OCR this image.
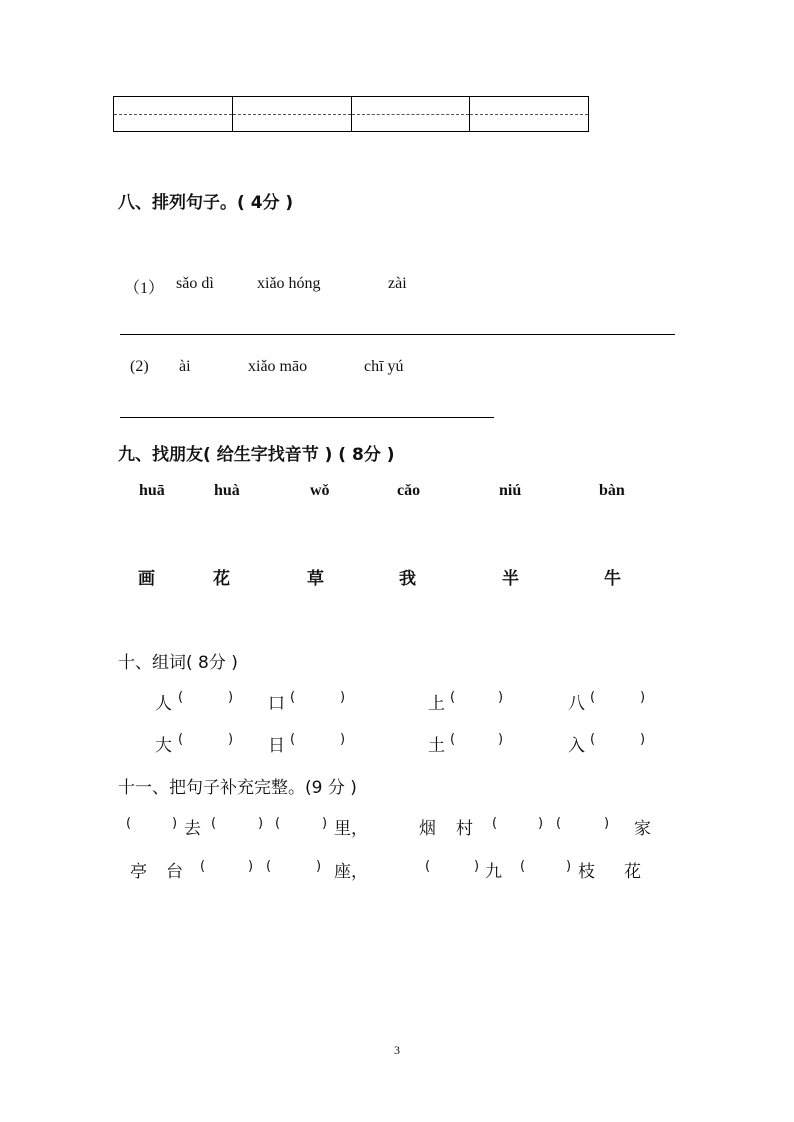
八、排列句子。( 4分 )
（1） sǎo dì	xiǎo hóng	zài
(2) ài	xiǎo māo	chī yú
九、找朋友( 给生字找音节 ) ( 8分 )
huā	huà	wǒ	cǎo	niú	bàn
画	花	草	我	半	牛
十、组词( 8分 )
人 (	) 口 (	)	上 (	)	八 (	)
大 (	) 日 (	)	土 (	)	入 (	)
十一、把句子补充完整。(9 分 )
(	) 去 (	) (	) 里，	烟 村 (	) (	) 家
亭 台 (	) (	) 座，	(	) 九 (	) 枝 花
3
